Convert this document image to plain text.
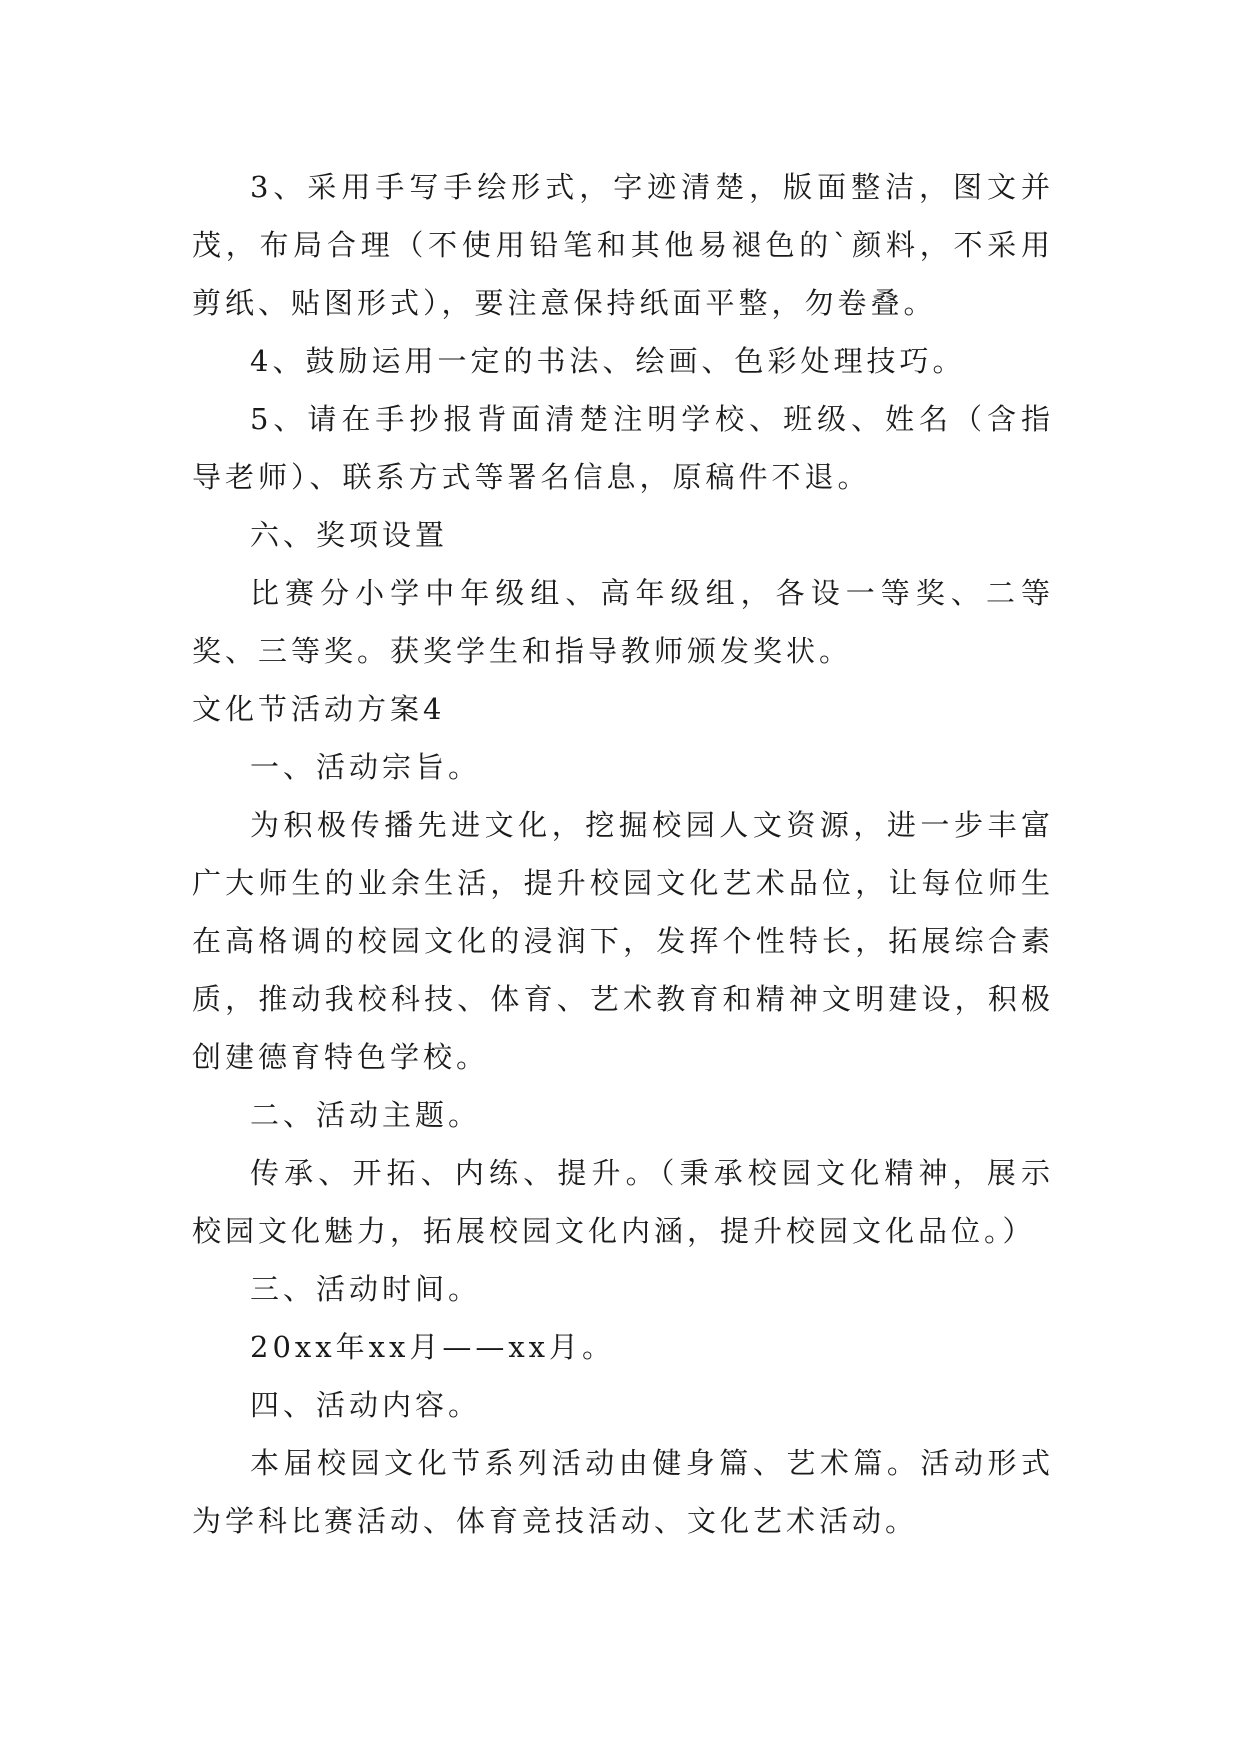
3、采用手写手绘形式，字迹清楚，版面整洁，图文并茂，布局合理（不使用铅笔和其他易褪色的`颜料，不采用剪纸、贴图形式），要注意保持纸面平整，勿卷叠。

4、鼓励运用一定的书法、绘画、色彩处理技巧。

5、请在手抄报背面清楚注明学校、班级、姓名（含指导老师）、联系方式等署名信息，原稿件不退。

六、奖项设置

比赛分小学中年级组、高年级组，各设一等奖、二等奖、三等奖。获奖学生和指导教师颁发奖状。

文化节活动方案4

一、活动宗旨。

为积极传播先进文化，挖掘校园人文资源，进一步丰富广大师生的业余生活，提升校园文化艺术品位，让每位师生在高格调的校园文化的浸润下，发挥个性特长，拓展综合素质，推动我校科技、体育、艺术教育和精神文明建设，积极创建德育特色学校。

二、活动主题。

传承、开拓、内练、提升。（秉承校园文化精神，展示校园文化魅力，拓展校园文化内涵，提升校园文化品位。）

三、活动时间。

20xx年xx月——xx月。

四、活动内容。

本届校园文化节系列活动由健身篇、艺术篇。活动形式为学科比赛活动、体育竞技活动、文化艺术活动。
